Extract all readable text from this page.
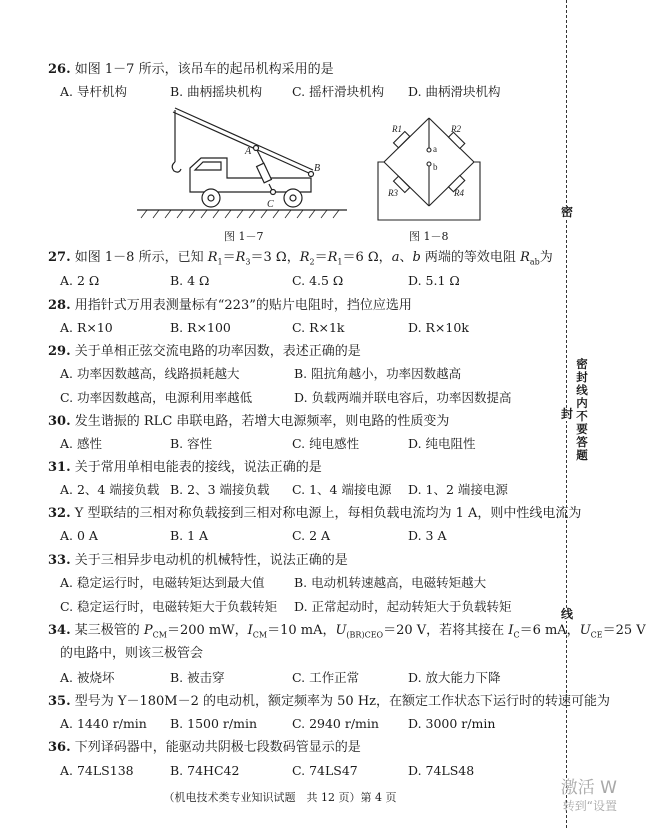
26. 如图 1－7 所示，该吊车的起吊机构采用的是
A. 导杆机构	B. 曲柄摇块机构 C. 摇杆滑块机构 D. 曲柄滑块机构
A
B
C
图 1－7
R1	R2
R3	R4
a
b
图 1－8
27. 如图 1－8 所示，已知 $R_1=R_3=3$ Ω，$R_2=R_1=6$ Ω，a、b 两端的等效电阻 $R_{ab}$为
A. 2 Ω	B. 4 Ω	C. 4.5 Ω	D. 5.1 Ω
28. 用指针式万用表测量标有“223”的贴片电阻时，挡位应选用
A. R×10	B. R×100	C. R×1k	D. R×10k
29. 关于单相正弦交流电路的功率因数，表述正确的是
A. 功率因数越高，线路损耗越大	B. 阻抗角越小，功率因数越高
C. 功率因数越高，电源利用率越低	D. 负载两端并联电容后，功率因数提高
30. 发生谐振的 RLC 串联电路，若增大电源频率，则电路的性质变为
A. 感性	B. 容性	C. 纯电感性	D. 纯电阻性
31. 关于常用单相电能表的接线，说法正确的是
A. 2、4 端接负载 B. 2、3 端接负载 C. 1、4 端接电源 D. 1、2 端接电源
32. Y 型联结的三相对称负载接到三相对称电源上，每相负载电流均为 1 A，则中性线电流为
A. 0 A	B. 1 A	C. 2 A	D. 3 A
33. 关于三相异步电动机的机械特性，说法正确的是
A. 稳定运行时，电磁转矩达到最大值 B. 电动机转速越高，电磁转矩越大
C. 稳定运行时，电磁转矩大于负载转矩 D. 正常起动时，起动转矩大于负载转矩
34. 某三极管的 $P_{CM}=200$ mW，$I_{CM}=10$ mA，$U_{(BR)CEO}=20$ V，若将其接在 $I_C=6$ mA，$U_{CE}=25$ V
的电路中，则该三极管会
A. 被烧坏	B. 被击穿	C. 工作正常	D. 放大能力下降
35. 型号为 Y－180M－2 的电动机，额定频率为 50 Hz，在额定工作状态下运行时的转速可能为
A. 1440 r/min B. 1500 r/min	C. 2940 r/min D. 3000 r/min
36. 下列译码器中，能驱动共阴极七段数码管显示的是
A. 74LS138	B. 74HC42	C. 74LS47	D. 74LS48
密
封
线
密封线内不要答题
（机电技术类专业知识试题　共 12 页）第 4 页	激活 W
转到“设置
